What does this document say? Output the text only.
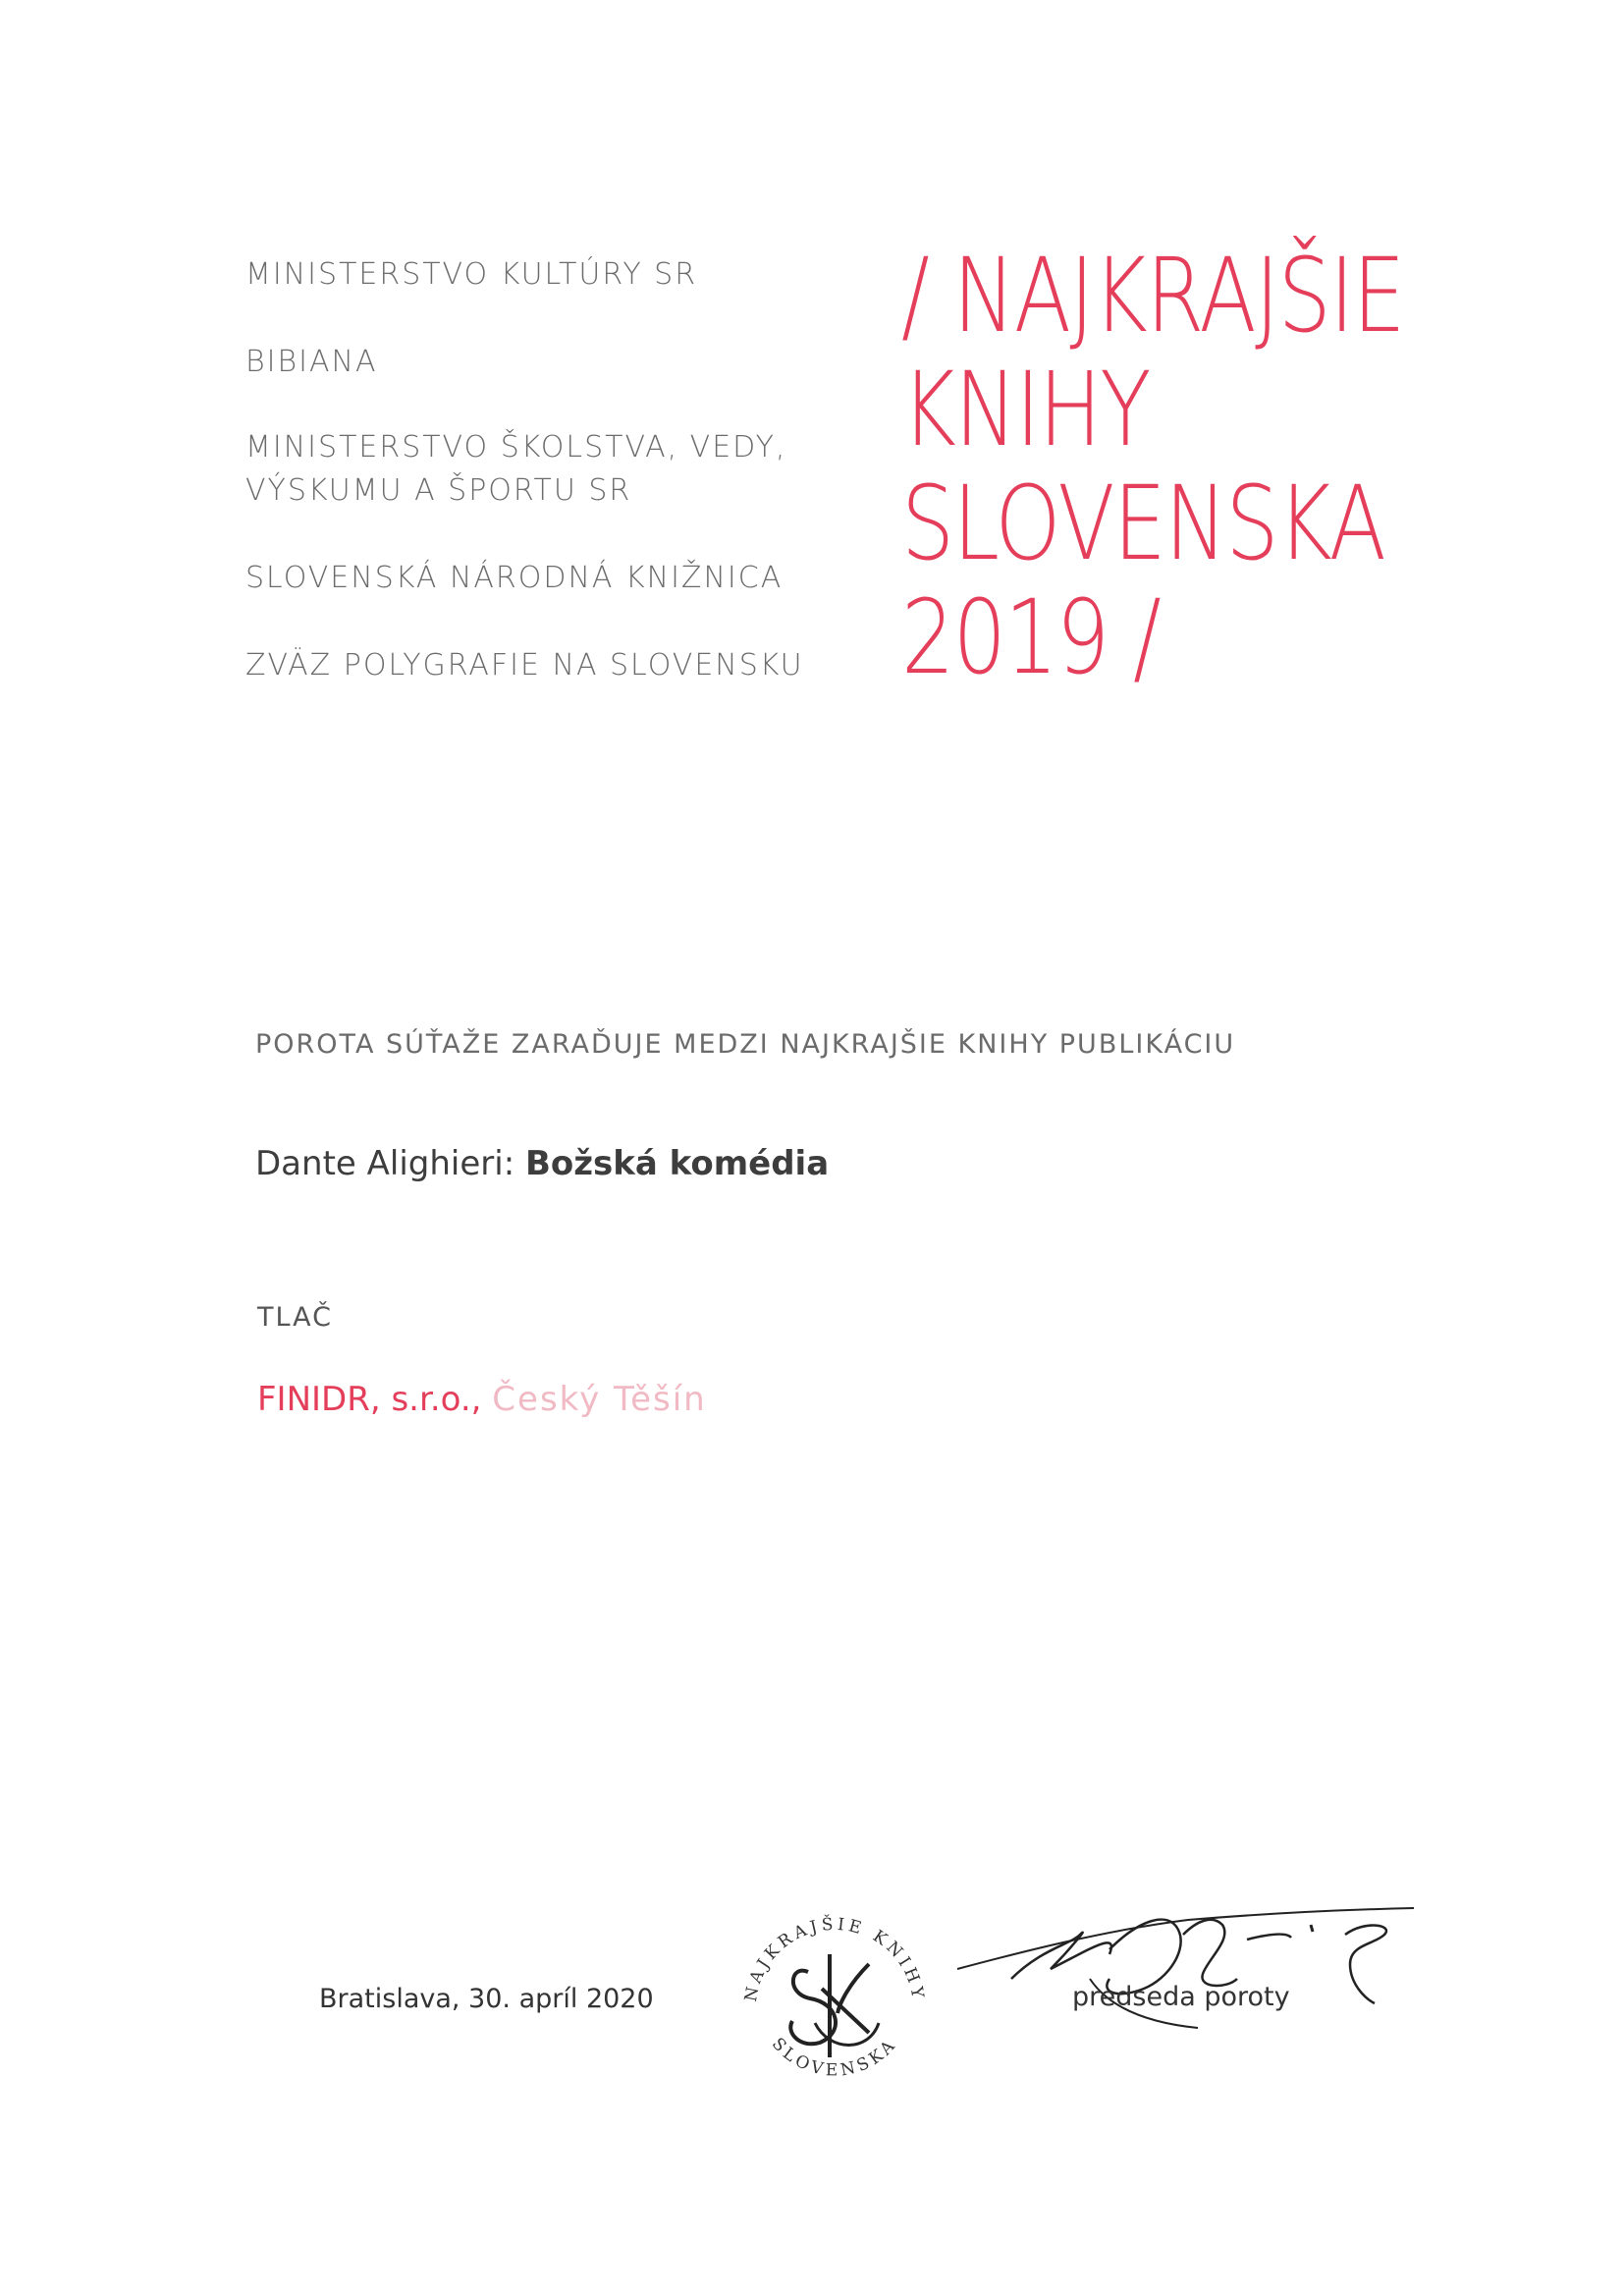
MINISTERSTVO KULTÚRY SR
BIBIANA
MINISTERSTVO ŠKOLSTVA, VEDY,
VÝSKUMU A ŠPORTU SR
SLOVENSKÁ NÁRODNÁ KNIŽNICA
ZVÄZ POLYGRAFIE NA SLOVENSKU
/ NAJKRAJŠIE
KNIHY
SLOVENSKA
2019 /
POROTA SÚŤAŽE ZARAĎUJE MEDZI NAJKRAJŠIE KNIHY PUBLIKÁCIU
Dante Alighieri: Božská komédia
TLAČ
FINIDR, s.r.o., Český Těšín
Bratislava, 30. apríl 2020	NAJKRAJŠIE KNIHY
SLOVENSKA
predseda poroty
